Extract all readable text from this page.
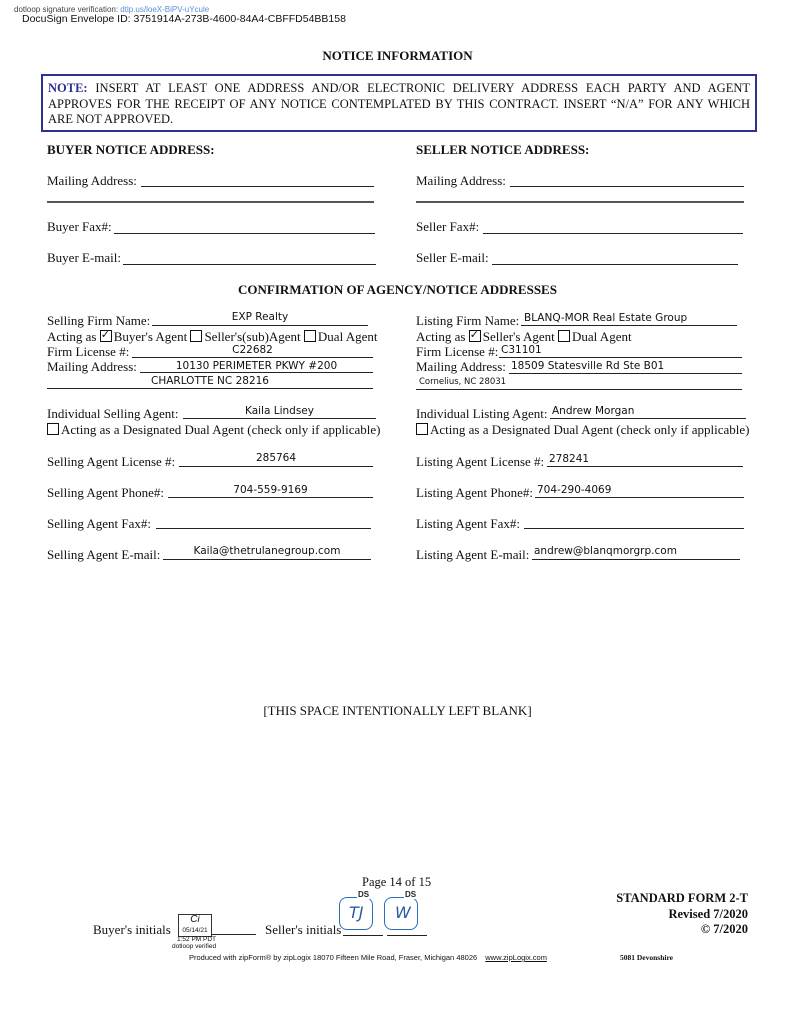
dotloop signature verification: dtlp.us/loeX-BiPV-uYcule
DocuSign Envelope ID: 3751914A-273B-4600-84A4-CBFFD54BB158
NOTICE INFORMATION
NOTE: INSERT AT LEAST ONE ADDRESS AND/OR ELECTRONIC DELIVERY ADDRESS EACH PARTY AND AGENT APPROVES FOR THE RECEIPT OF ANY NOTICE CONTEMPLATED BY THIS CONTRACT. INSERT “N/A” FOR ANY WHICH ARE NOT APPROVED.
BUYER NOTICE ADDRESS:
Mailing Address:
Buyer Fax#:
Buyer E-mail:
SELLER NOTICE ADDRESS:
Mailing Address:
Seller Fax#:
Seller E-mail:
CONFIRMATION OF AGENCY/NOTICE ADDRESSES
Selling Firm Name:	EXP Realty
Acting as ✓ Buyer's Agent Seller's(sub)Agent Dual Agent
Firm License #:	C22682
Mailing Address:	10130 PERIMETER PKWY #200
CHARLOTTE NC 28216
Individual Selling Agent:	Kaila Lindsey
Acting as a Designated Dual Agent (check only if applicable)
Selling Agent License #:	285764
Selling Agent Phone#:	704-559-9169
Selling Agent Fax#:
Selling Agent E-mail:	Kaila@thetrulanegroup.com
Listing Firm Name: BLANQ-MOR Real Estate Group
Acting as ✓ Seller's Agent Dual Agent
Firm License #: C31101
Mailing Address: 18509 Statesville Rd Ste B01
Cornelius, NC 28031
Individual Listing Agent: Andrew Morgan
Acting as a Designated Dual Agent (check only if applicable)
Listing Agent License #: 278241
Listing Agent Phone#: 704-290-4069
Listing Agent Fax#:
Listing Agent E-mail: andrew@blanqmorgrp.com
[THIS SPACE INTENTIONALLY LEFT BLANK]
Page 14 of 15
STANDARD FORM 2-T
Revised 7/2020
© 7/2020
Buyer's initials
Ci
05/14/21
1:52 PM PDT
dotloop verified
Seller's initials
DS
TJ
DS
W
Produced with zipForm® by zipLogix 18070 Fifteen Mile Road, Fraser, Michigan 48026 www.zipLogix.com	5081 Devonshire
